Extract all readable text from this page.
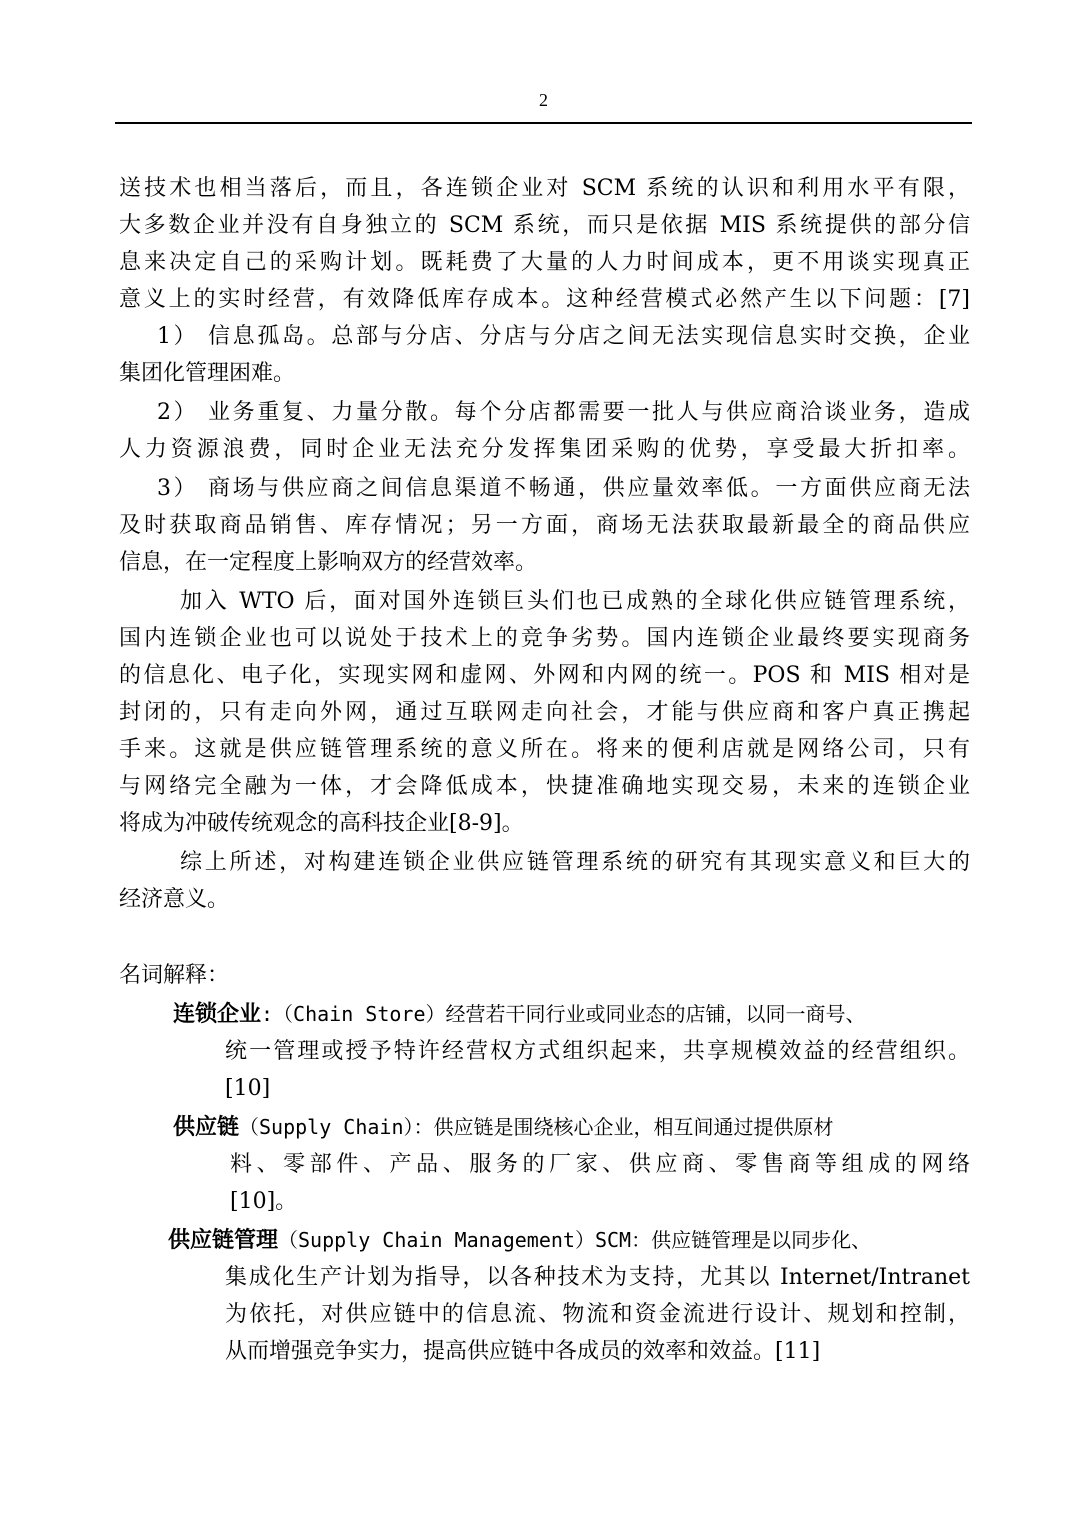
2
送技术也相当落后，而且，各连锁企业对 SCM 系统的认识和利用水平有限，
大多数企业并没有自身独立的 SCM 系统，而只是依据 MIS 系统提供的部分信
息来决定自己的采购计划。既耗费了大量的人力时间成本，更不用谈实现真正
意义上的实时经营，有效降低库存成本。这种经营模式必然产生以下问题：[7]
1） 信息孤岛。总部与分店、分店与分店之间无法实现信息实时交换，企业
集团化管理困难。
2） 业务重复、力量分散。每个分店都需要一批人与供应商洽谈业务，造成
人力资源浪费，同时企业无法充分发挥集团采购的优势，享受最大折扣率。
3） 商场与供应商之间信息渠道不畅通，供应量效率低。一方面供应商无法
及时获取商品销售、库存情况；另一方面，商场无法获取最新最全的商品供应
信息，在一定程度上影响双方的经营效率。
加入 WTO 后，面对国外连锁巨头们也已成熟的全球化供应链管理系统，
国内连锁企业也可以说处于技术上的竞争劣势。国内连锁企业最终要实现商务
的信息化、电子化，实现实网和虚网、外网和内网的统一。POS 和 MIS 相对是
封闭的，只有走向外网，通过互联网走向社会，才能与供应商和客户真正携起
手来。这就是供应链管理系统的意义所在。将来的便利店就是网络公司，只有
与网络完全融为一体，才会降低成本，快捷准确地实现交易，未来的连锁企业
将成为冲破传统观念的高科技企业[8-9]。
综上所述，对构建连锁企业供应链管理系统的研究有其现实意义和巨大的
经济意义。
名词解释：
连锁企业:（Chain Store）经营若干同行业或同业态的店铺，以同一商号、
统一管理或授予特许经营权方式组织起来，共享规模效益的经营组织。
[10]
供应链（Supply Chain）：供应链是围绕核心企业，相互间通过提供原材
料、零部件、产品、服务的厂家、供应商、零售商等组成的网络
[10]。
供应链管理（Supply Chain Management）SCM：供应链管理是以同步化、
集成化生产计划为指导，以各种技术为支持，尤其以 Internet/Intranet
为依托，对供应链中的信息流、物流和资金流进行设计、规划和控制，
从而增强竞争实力，提高供应链中各成员的效率和效益。[11]
